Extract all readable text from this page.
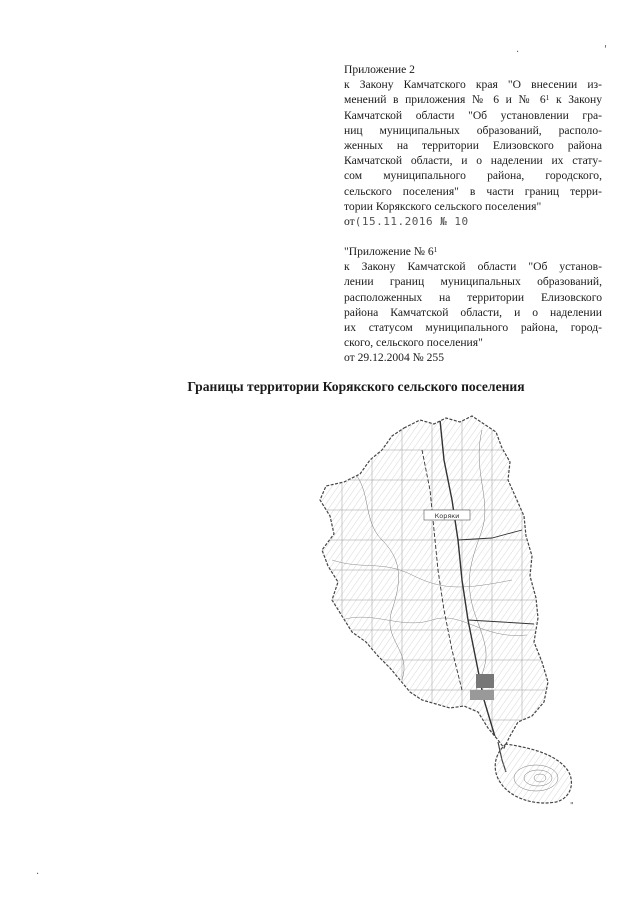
'
.
Приложение 2
к Закону Камчатского края "О внесении из-
менений в приложения № 6 и № $6^1$ к Закону
Камчатской области "Об установлении гра-
ниц муниципальных образований, располо-
женных на территории Елизовского района
Камчатской области, и о наделении их стату-
сом муниципального района, городского,
сельского поселения" в части границ терри-
тории Корякского сельского поселения"
от(15.11.2016 № 10
"Приложение № $6^1$
к Закону Камчатской области "Об установ-
лении границ муниципальных образований,
расположенных на территории Елизовского
района Камчатской области, и о наделении
их статусом муниципального района, город-
ского, сельского поселения"
от 29.12.2004 № 255
Границы территории Корякского сельского поселения
Коряки
"
.
